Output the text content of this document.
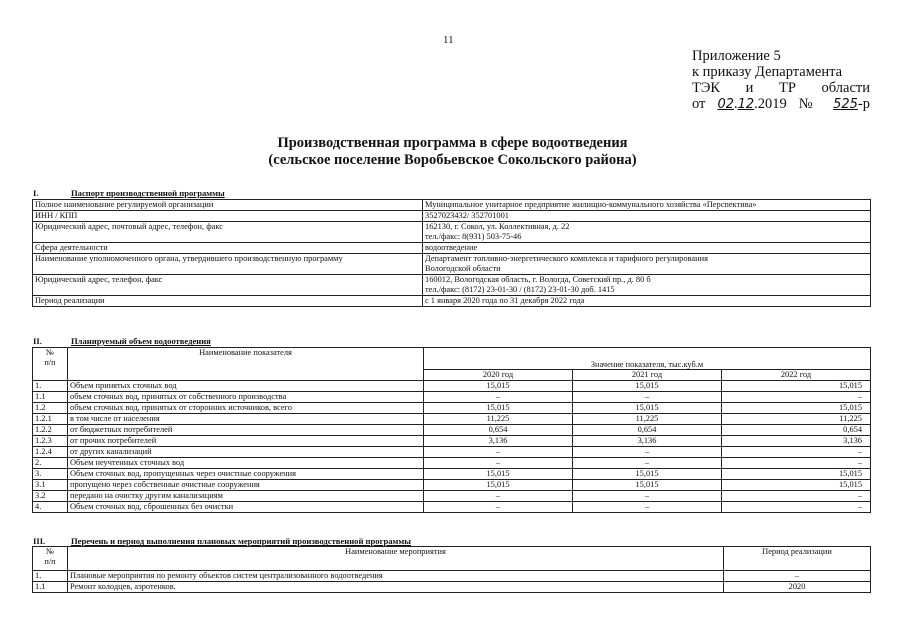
11
Приложение 5
к приказу Департамента
ТЭК и ТР области
от 02.12.2019 № 525-р
Производственная программа в сфере водоотведения
(сельское поселение Воробьевское Сокольского района)
I.	Паспорт производственной программы
Полное наименование регулируемой организации	Муниципальное унитарное предприятие жилищно-коммунального хозяйства «Перспектива»

ИНН / КПП	3527023432/ 352701001

Юридический адрес, почтовый адрес, телефон, факс	162130, г. Сокол, ул. Коллективная, д. 22
тел./факс: 8(931) 503-75-46

Сфера деятельности	водоотведение

Наименование уполномоченного органа, утвердившего производственную программу	Департамент топливно-энергетического комплекса и тарифного регулирования
Вологодской области

Юридический адрес, телефон, факс	160012, Вологодская область, г. Вологда, Советский пр., д. 80 б
тел./факс: (8172) 23-01-30 / (8172) 23-01-30 доб. 1415

Период реализации	с 1 января 2020 года по 31 декабря 2022 года
II.	Планируемый объем водоотведения
№
п/п	Наименование показателя	Значение показателя, тыс.куб.м		
		2020 год	2021 год	2022 год
1.	Объем принятых сточных вод	15,015	15,015	15,015
1.1	объем сточных вод, принятых от собственного производства	–	–	–
1.2	объем сточных вод, принятых от сторонних источников, всего	15,015	15,015	15,015
1.2.1	в том числе от населения	11,225	11,225	11,225
1.2.2	от бюджетных потребителей	0,654	0,654	0,654
1.2.3	от прочих потребителей	3,136	3,136	3,136
1.2.4	от других канализаций	–	–	–
2.	Объем неучтенных сточных вод	–	–	–
3.	Объем сточных вод, пропущенных через очистные сооружения	15,015	15,015	15,015
3.1	пропущено через собственные очистные сооружения	15,015	15,015	15,015
3.2	передано на очистку другим канализациям	–	–	–
4.	Объем сточных вод, сброшенных без очистки	–	–	–
III.	Перечень и период выполнения плановых мероприятий производственной программы
№
п/п	Наименование мероприятия	Период реализации
1.	Плановые мероприятия по ремонту объектов систем централизованного водоотведения	–
1.1	Ремонт колодцев, аэротенков.	2020
